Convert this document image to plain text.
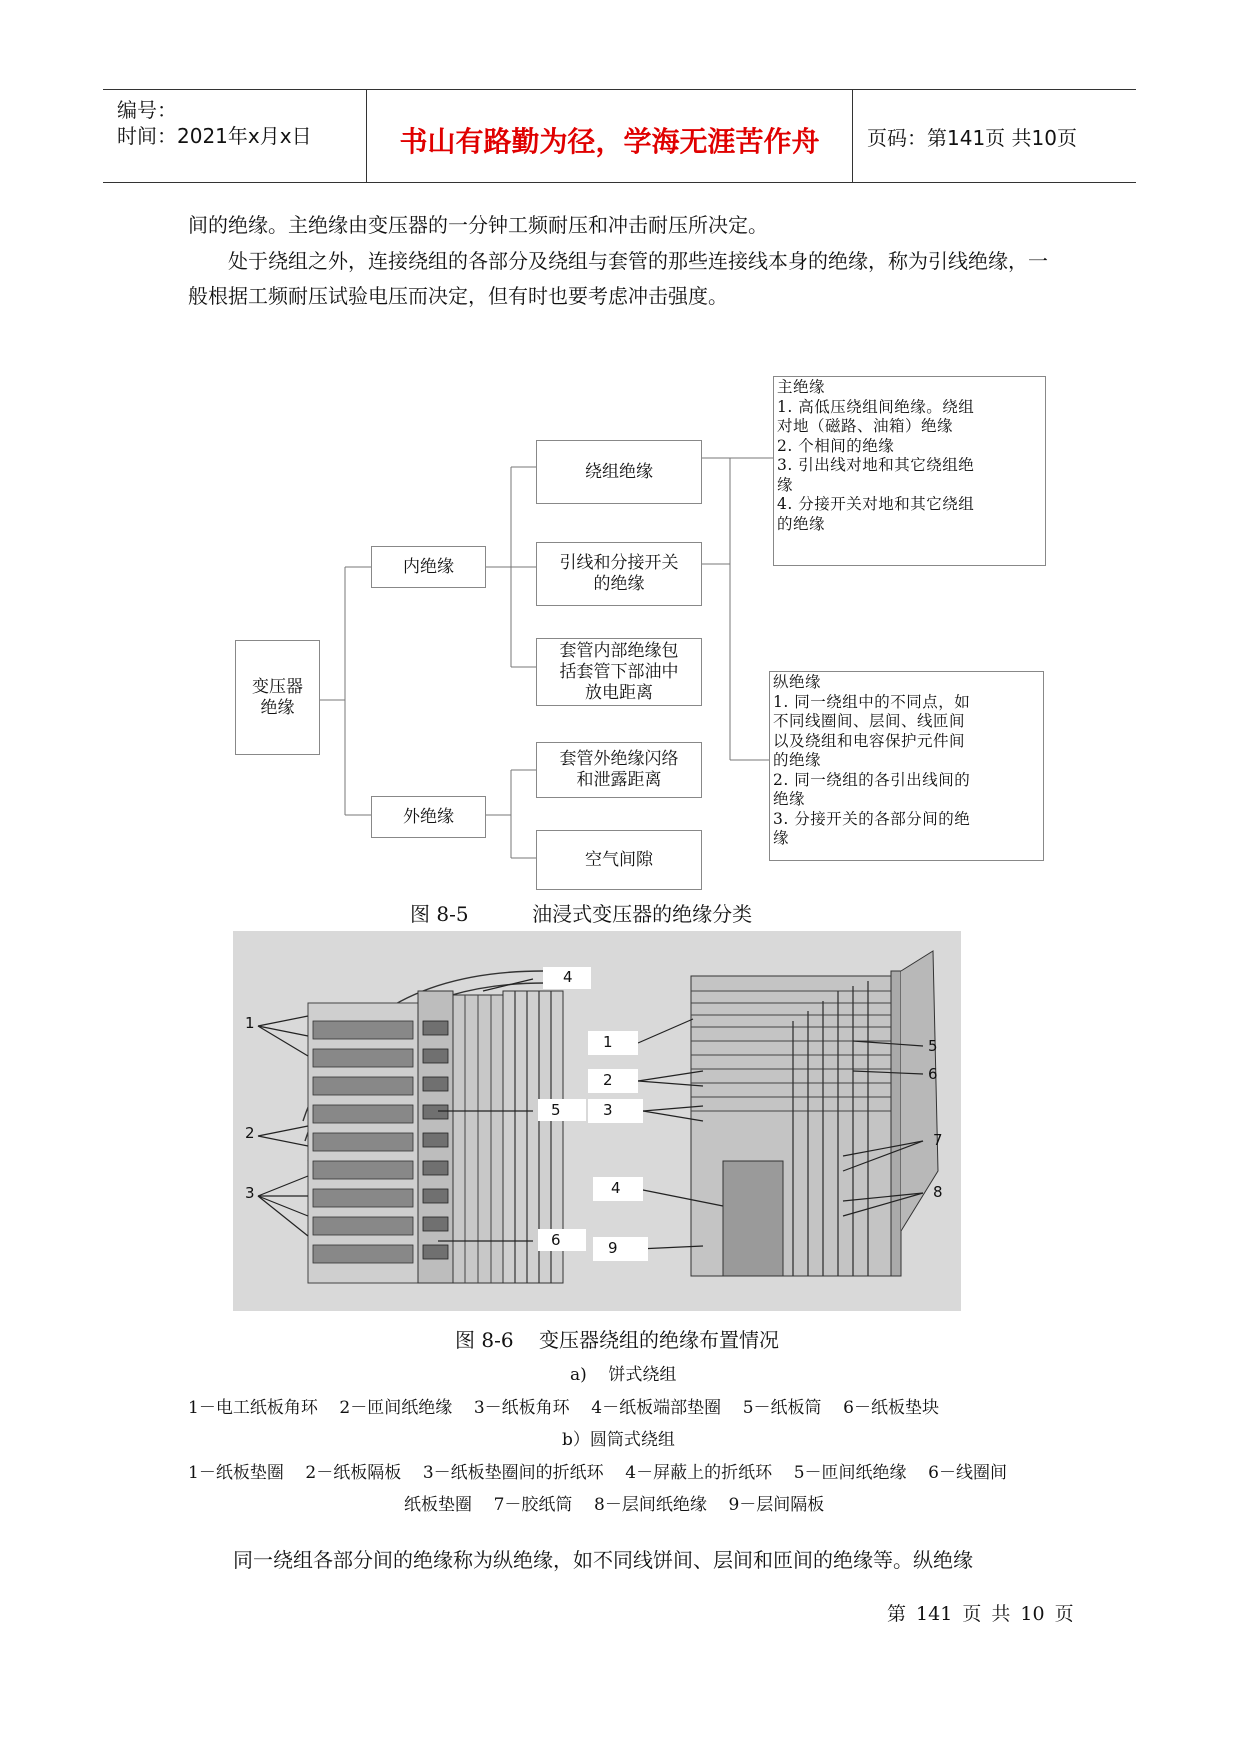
编号：
时间：2021年x月x日	书山有路勤为径，学海无涯苦作舟	页码：第141页 共10页
间的绝缘。主绝缘由变压器的一分钟工频耐压和冲击耐压所决定。
处于绕组之外，连接绕组的各部分及绕组与套管的那些连接线本身的绝缘，称为引线绝缘，一般根据工频耐压试验电压而决定，但有时也要考虑冲击强度。
变压器
绝缘
内绝缘
外绝缘
绕组绝缘
引线和分接开关
的绝缘
套管内部绝缘包
括套管下部油中
放电距离
套管外绝缘闪络
和泄露距离
空气间隙
主绝缘
1. 高低压绕组间绝缘。绕组
对地（磁路、油箱）绝缘
2. 个相间的绝缘
3. 引出线对地和其它绕组绝
缘
4. 分接开关对地和其它绕组
的绝缘
纵绝缘
1. 同一绕组中的不同点，如
不同线圈间、层间、线匝间
以及绕组和电容保护元件间
的绝缘
2. 同一绕组的各引出线间的
绝缘
3. 分接开关的各部分间的绝
缘
图 8-5          油浸式变压器的绝缘分类
1
2
3
4
5
6
1
2
3
4
5
6
7
8
9
图 8-6    变压器绕组的绝缘布置情况
a)    饼式绕组
1－电工纸板角环    2－匝间纸绝缘    3－纸板角环    4－纸板端部垫圈    5－纸板筒    6－纸板垫块
b）圆筒式绕组
1－纸板垫圈    2－纸板隔板    3－纸板垫圈间的折纸环    4－屏蔽上的折纸环    5－匝间纸绝缘    6－线圈间
纸板垫圈    7－胶纸筒    8－层间纸绝缘    9－层间隔板
同一绕组各部分间的绝缘称为纵绝缘，如不同线饼间、层间和匝间的绝缘等。纵绝缘
第 141 页 共 10 页
